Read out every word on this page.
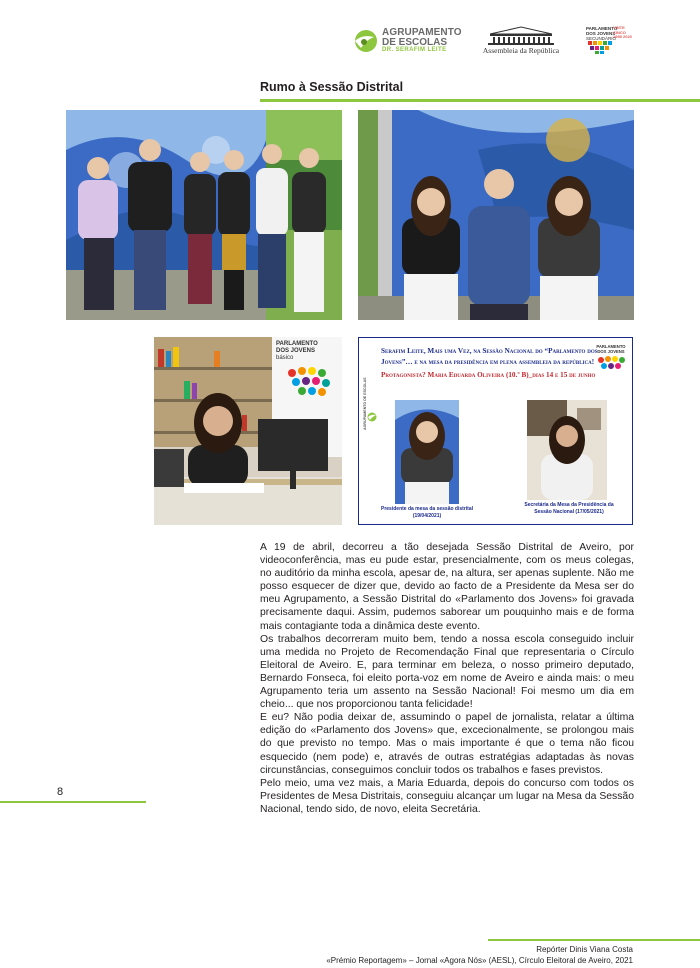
AGRUPAMENTO
DE ESCOLAS
DR. SERAFIM LEITE	Assembleia da República
PARLAMENTO
DOS JOVENS
SECUNDÁRIO
VINTE CINCO 1995 2020
Rumo à Sessão Distrital
PARLAMENTO
DOS JOVENS
básico
Serafim Leite, Mais uma Vez, na Sessão Nacional do “Parlamento dos Jovens”… e na mesa da presidência em plena assembleia da república!
Protagonista? Maria Eduarda Oliveira (10.º B)_dias 14 e 15 de junho
PARLAMENTO DOS JOVENS
AGRUPAMENTO DE ESCOLAS
Presidente da mesa da sessão distrital
(19/04/2021)
Secretária da Mesa da Presidência da
Sessão Nacional (17/05/2021)

A 19 de abril, decorreu a tão desejada Sessão Distrital de Aveiro, por videoconferência, mas eu pude estar, presencialmente, com os meus colegas, no auditório da minha escola, apesar de, na altura, ser apenas suplente. Não me posso esquecer de dizer que, devido ao facto de a Presidente da Mesa ser do meu Agrupamento, a Sessão Distrital do «Parlamento dos Jovens» foi gravada precisamente daqui. Assim, pudemos saborear um pouquinho mais e de forma mais contagiante toda a dinâmica deste evento.

Os trabalhos decorreram muito bem, tendo a nossa escola conseguido incluir uma medida no Projeto de Recomendação Final que representaria o Círculo Eleitoral de Aveiro. E, para terminar em beleza, o nosso primeiro deputado, Bernardo Fonseca, foi eleito porta-voz em nome de Aveiro e ainda mais: o meu Agrupamento teria um assento na Sessão Nacional! Foi mesmo um dia em cheio... que nos proporcionou tanta felicidade!

E eu? Não podia deixar de, assumindo o papel de jornalista, relatar a última edição do «Parlamento dos Jovens» que, excecionalmente, se prolongou mais do que previsto no tempo. Mas o mais importante é que o tema não ficou esquecido (nem pode) e, através de outras estratégias adaptadas às novas circunstâncias, conseguimos concluir todos os trabalhos e fases previstos.

Pelo meio, uma vez mais, a Maria Eduarda, depois do concurso com todos os Presidentes de Mesa Distritais, conseguiu alcançar um lugar na Mesa da Sessão Nacional, tendo sido, de novo, eleita Secretária.

8
Repórter Dinis Viana Costa
«Prémio Reportagem» – Jornal «Agora Nós» (AESL), Círculo Eleitoral de Aveiro, 2021
